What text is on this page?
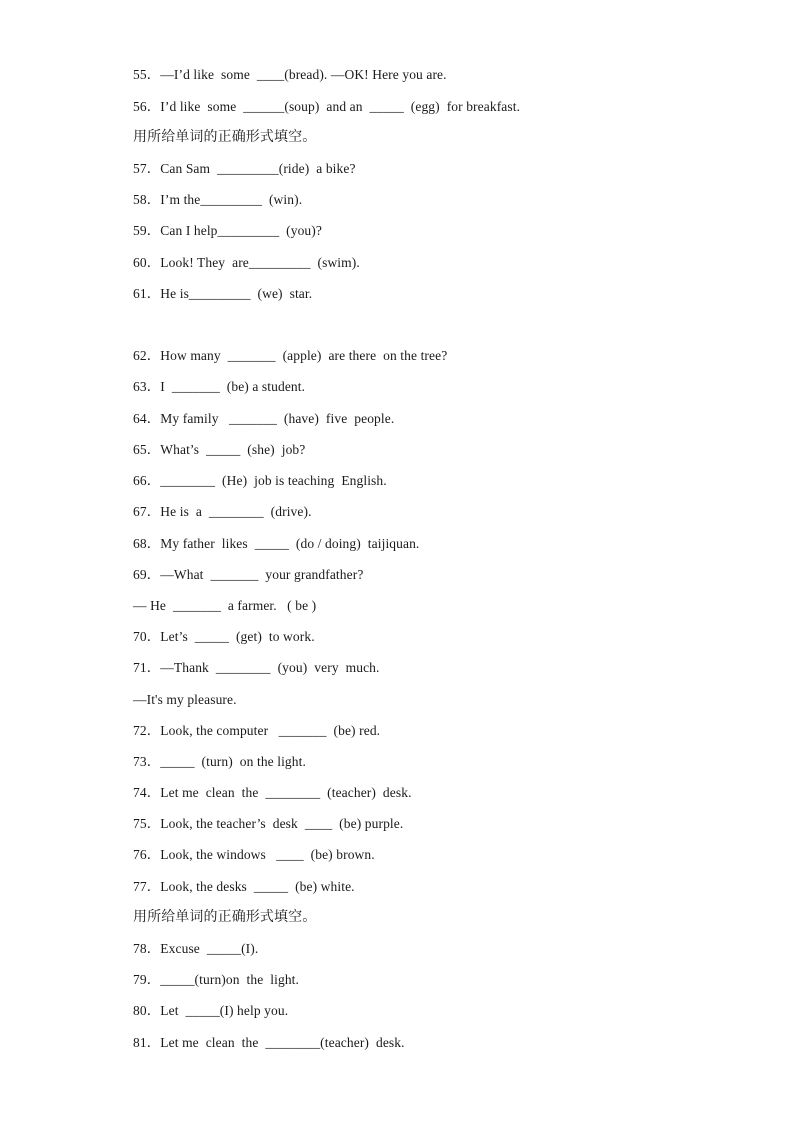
55．—I’d like  some  ____(bread). —OK! Here you are.
56．I’d like  some  ______(soup)  and an  _____  (egg)  for breakfast.
用所给单词的正确形式填空。
57．Can Sam  _________(ride)  a bike?
58．I’m the_________  (win).
59．Can I help_________  (you)?
60．Look! They  are_________  (swim).
61．He is_________  (we)  star.
62．How many  _______  (apple)  are there  on the tree?
63．I  _______  (be) a student.
64．My family   _______  (have)  five  people.
65．What’s  _____  (she)  job?
66．________  (He)  job is teaching  English.
67．He is  a  ________  (drive).
68．My father  likes  _____  (do / doing)  taijiquan.
69．—What  _______  your grandfather?
— He  _______  a farmer.   ( be )
70．Let’s  _____  (get)  to work.
71．—Thank  ________  (you)  very  much.
—It's my pleasure.
72．Look, the computer   _______  (be) red.
73．_____  (turn)  on the light.
74．Let me  clean  the  ________  (teacher)  desk.
75．Look, the teacher’s  desk  ____  (be) purple.
76．Look, the windows   ____  (be) brown.
77．Look, the desks  _____  (be) white.
用所给单词的正确形式填空。
78．Excuse  _____(I).
79．_____(turn)on  the  light.
80．Let  _____(I) help you.
81．Let me  clean  the  ________(teacher)  desk.
